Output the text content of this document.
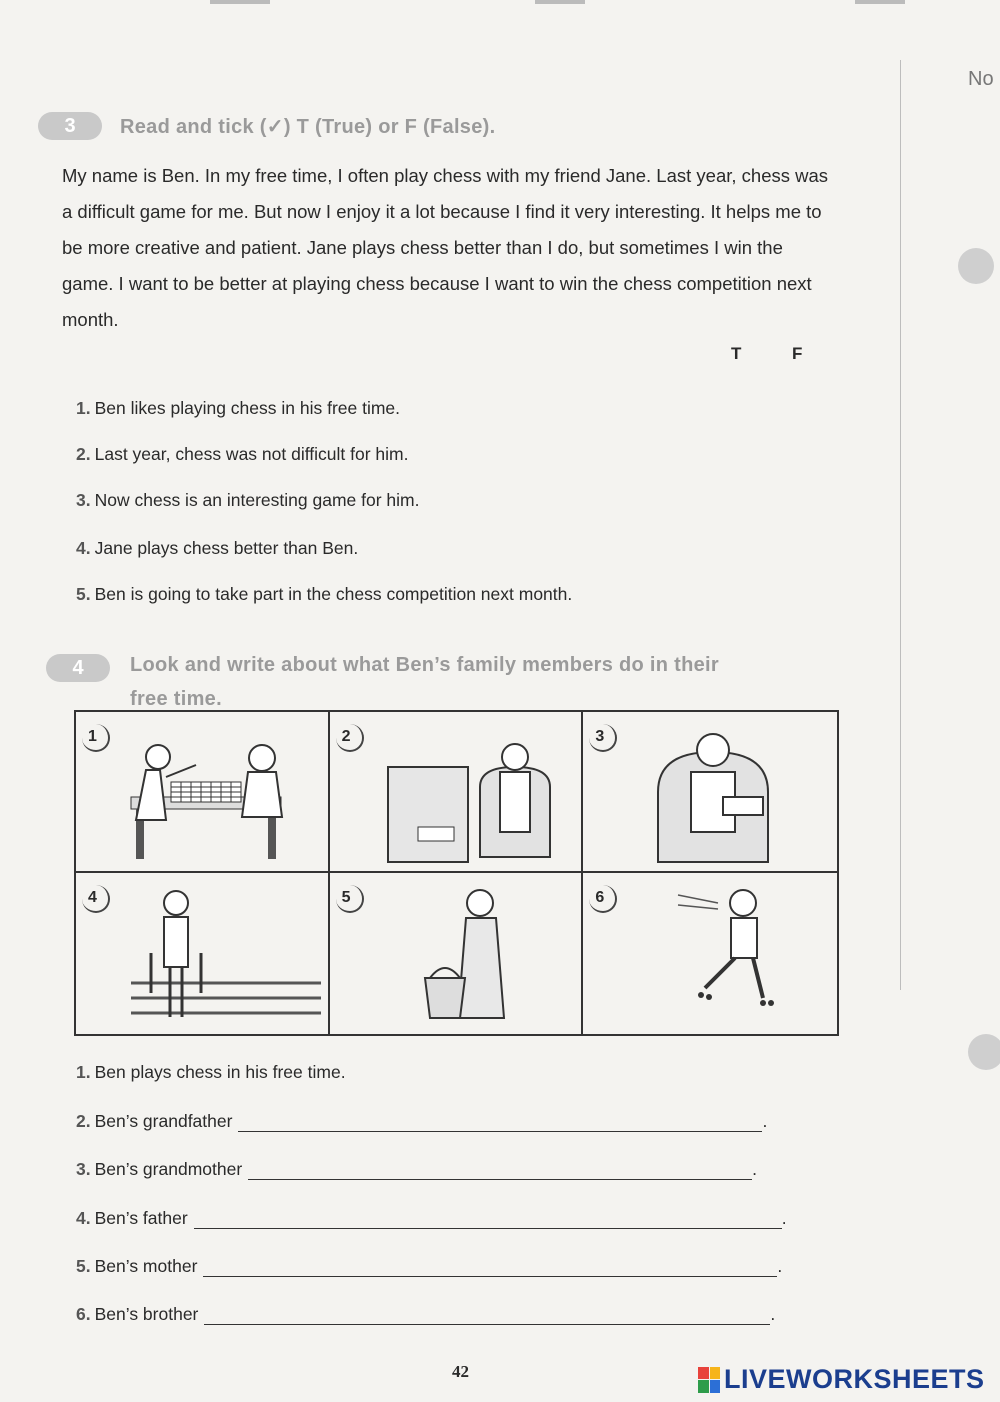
No
3	Read and tick (✓) T (True) or F (False).
My name is Ben. In my free time, I often play chess with my friend Jane. Last year, chess was a difficult game for me. But now I enjoy it a lot because I find it very interesting. It helps me to be more creative and patient. Jane plays chess better than I do, but sometimes I win the game. I want to be better at playing chess because I want to win the chess competition next month.
T	F
1. Ben likes playing chess in his free time.
2. Last year, chess was not difficult for him.
3. Now chess is an interesting game for him.
4. Jane plays chess better than Ben.
5. Ben is going to take part in the chess competition next month.
4	Look and write about what Ben’s family members do in their
free time.
1	2	3
4	5	6
1. Ben plays chess in his free time.
2. Ben’s grandfather	.
3. Ben’s grandmother	.
4. Ben’s father	.
5. Ben’s mother	.
6. Ben’s brother	.
42	LIVEWORKSHEETS
